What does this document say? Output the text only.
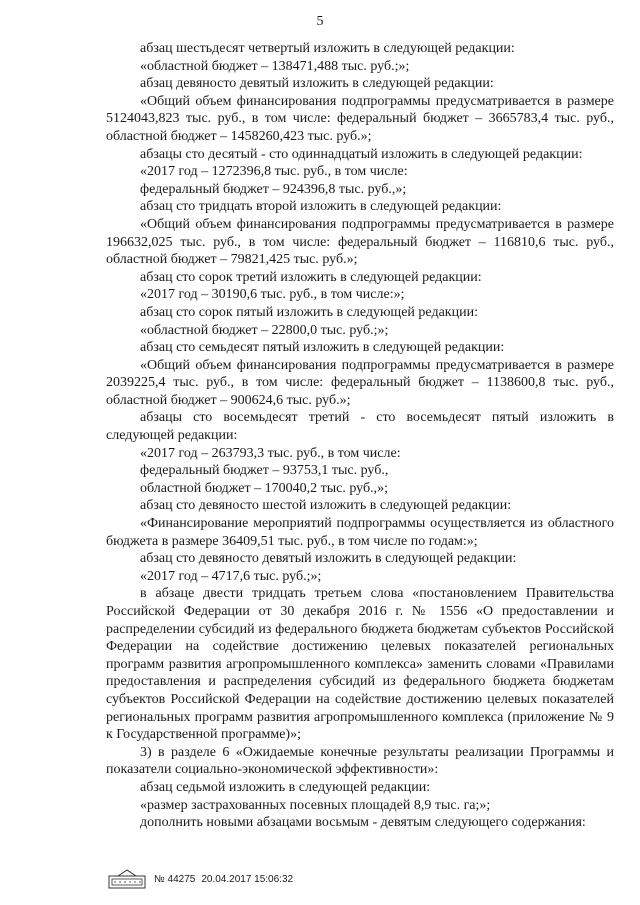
5

абзац шестьдесят четвертый изложить в следующей редакции:

«областной бюджет – 138471,488 тыс. руб.;»;

абзац девяносто девятый изложить в следующей редакции:

«Общий объем финансирования подпрограммы предусматривается в размере 5124043,823 тыс. руб., в том числе: федеральный бюджет – 3665783,4 тыс. руб., областной бюджет – 1458260,423 тыс. руб.»;

абзацы сто десятый - сто одиннадцатый изложить в следующей редакции:

«2017 год – 1272396,8 тыс. руб., в том числе:

федеральный бюджет – 924396,8 тыс. руб.,»;

абзац сто тридцать второй изложить в следующей редакции:

«Общий объем финансирования подпрограммы предусматривается в размере 196632,025 тыс. руб., в том числе: федеральный бюджет – 116810,6 тыс. руб., областной бюджет – 79821,425 тыс. руб.»;

абзац сто сорок третий изложить в следующей редакции:

«2017 год – 30190,6 тыс. руб., в том числе:»;

абзац сто сорок пятый изложить в следующей редакции:

«областной бюджет – 22800,0 тыс. руб.;»;

абзац сто семьдесят пятый изложить в следующей редакции:

«Общий объем финансирования подпрограммы предусматривается в размере 2039225,4 тыс. руб., в том числе: федеральный бюджет – 1138600,8 тыс. руб., областной бюджет – 900624,6 тыс. руб.»;

абзацы сто восемьдесят третий - сто восемьдесят пятый изложить в следующей редакции:

«2017 год – 263793,3 тыс. руб., в том числе:

федеральный бюджет – 93753,1 тыс. руб.,

областной бюджет – 170040,2 тыс. руб.,»;

абзац сто девяносто шестой изложить в следующей редакции:

«Финансирование мероприятий подпрограммы осуществляется из областного бюджета в размере 36409,51 тыс. руб., в том числе по годам:»;

абзац сто девяносто девятый изложить в следующей редакции:

«2017 год – 4717,6 тыс. руб.;»;

в абзаце двести тридцать третьем слова «постановлением Правительства Российской Федерации от 30 декабря 2016 г. № 1556 «О предоставлении и распределении субсидий из федерального бюджета бюджетам субъектов Российской Федерации на содействие достижению целевых показателей региональных программ развития агропромышленного комплекса» заменить словами «Правилами предоставления и распределения субсидий из федерального бюджета бюджетам субъектов Российской Федерации на содействие достижению целевых показателей региональных программ развития агропромышленного комплекса (приложение № 9 к Государственной программе)»;

3) в разделе 6 «Ожидаемые конечные результаты реализации Программы и показатели социально-экономической эффективности»:

абзац седьмой изложить в следующей редакции:

«размер застрахованных посевных площадей 8,9 тыс. га;»;

дополнить новыми абзацами восьмым - девятым следующего содержания:

№ 44275 20.04.2017 15:06:32
